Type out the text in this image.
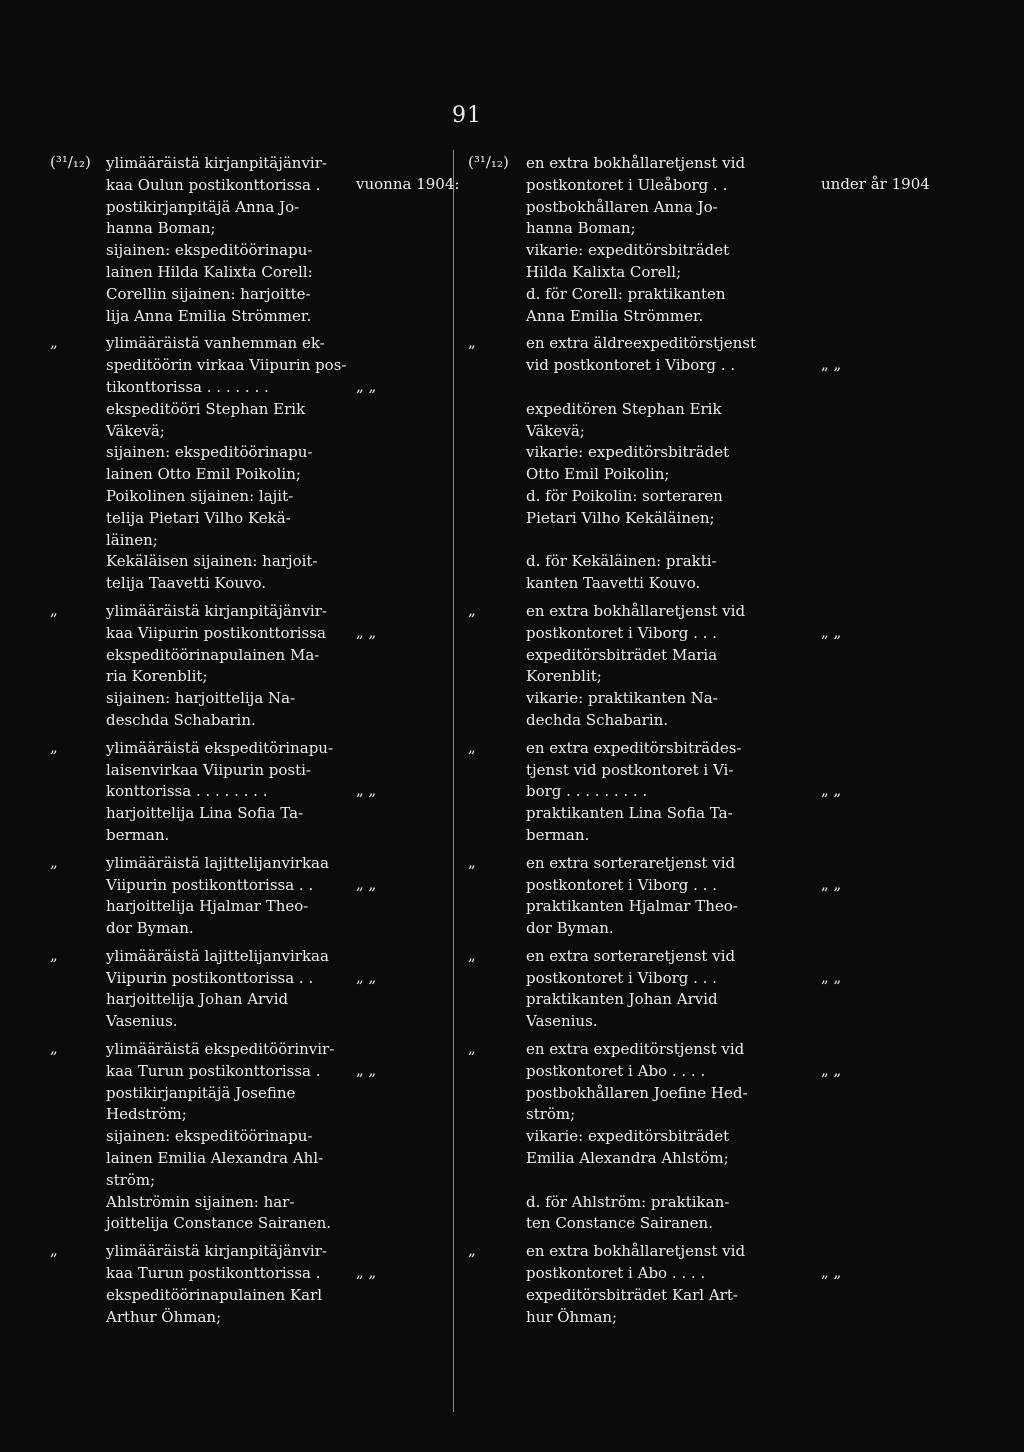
91
(³¹/₁₂)	ylimääräistä kirjanpitäjänvir-
kaa Oulun postikonttorissa .
postikirjanpitäjä Anna Jo-
hanna Boman;
sijainen: ekspeditöörinapu-
lainen Hilda Kalixta Corell:
Corellin sijainen: harjoitte-
lija Anna Emilia Strömmer.
vuonna 1904:
„	ylimääräistä vanhemman ek-
speditöörin virkaa Viipurin pos-
tikonttorissa . . . . . . .
ekspeditööri Stephan Erik
Väkevä;
sijainen: ekspeditöörinapu-
lainen Otto Emil Poikolin;
Poikolinen sijainen: lajit-
telija Pietari Vilho Kekä-
läinen;
Kekäläisen sijainen: harjoit-
telija Taavetti Kouvo.
„ „
„	ylimääräistä kirjanpitäjänvir-
kaa Viipurin postikonttorissa
ekspeditöörinapulainen Ma-
ria Korenblit;
sijainen: harjoittelija Na-
deschda Schabarin.
„ „
„	ylimääräistä ekspeditörinapu-
laisenvirkaa Viipurin posti-
konttorissa . . . . . . . .
harjoittelija Lina Sofia Ta-
berman.
„ „
„	ylimääräistä lajittelijanvirkaa
Viipurin postikonttorissa . .
harjoittelija Hjalmar Theo-
dor Byman.
„ „
„	ylimääräistä lajittelijanvirkaa
Viipurin postikonttorissa . .
harjoittelija Johan Arvid
Vasenius.
„ „
„	ylimääräistä ekspeditöörinvir-
kaa Turun postikonttorissa .
postikirjanpitäjä Josefine
Hedström;
sijainen: ekspeditöörinapu-
lainen Emilia Alexandra Ahl-
ström;
Ahlströmin sijainen: har-
joittelija Constance Sairanen.
„ „
„	ylimääräistä kirjanpitäjänvir-
kaa Turun postikonttorissa .
ekspeditöörinapulainen Karl
Arthur Öhman;
„ „
(³¹/₁₂)	en extra bokhållaretjenst vid
postkontoret i Uleåborg . .
postbokhållaren Anna Jo-
hanna Boman;
vikarie: expeditörsbiträdet
Hilda Kalixta Corell;
d. för Corell: praktikanten
Anna Emilia Strömmer.
under år 1904
„	en extra äldreexpeditörstjenst
vid postkontoret i Viborg . .

expeditören Stephan Erik
Väkevä;
vikarie: expeditörsbiträdet
Otto Emil Poikolin;
d. för Poikolin: sorteraren
Pietari Vilho Kekäläinen;

d. för Kekäläinen: prakti-
kanten Taavetti Kouvo.
„ „
„	en extra bokhållaretjenst vid
postkontoret i Viborg . . .
expeditörsbiträdet Maria
Korenblit;
vikarie: praktikanten Na-
dechda Schabarin.
„ „
„	en extra expeditörsbiträdes-
tjenst vid postkontoret i Vi-
borg . . . . . . . . .
praktikanten Lina Sofia Ta-
berman.
„ „
„	en extra sorteraretjenst vid
postkontoret i Viborg . . .
praktikanten Hjalmar Theo-
dor Byman.
„ „
„	en extra sorteraretjenst vid
postkontoret i Viborg . . .
praktikanten Johan Arvid
Vasenius.
„ „
„	en extra expeditörstjenst vid
postkontoret i Abo . . . .
postbokhållaren Joefine Hed-
ström;
vikarie: expeditörsbiträdet
Emilia Alexandra Ahlstöm;

d. för Ahlström: praktikan-
ten Constance Sairanen.
„ „
„	en extra bokhållaretjenst vid
postkontoret i Abo . . . .
expeditörsbiträdet Karl Art-
hur Öhman;
„ „
